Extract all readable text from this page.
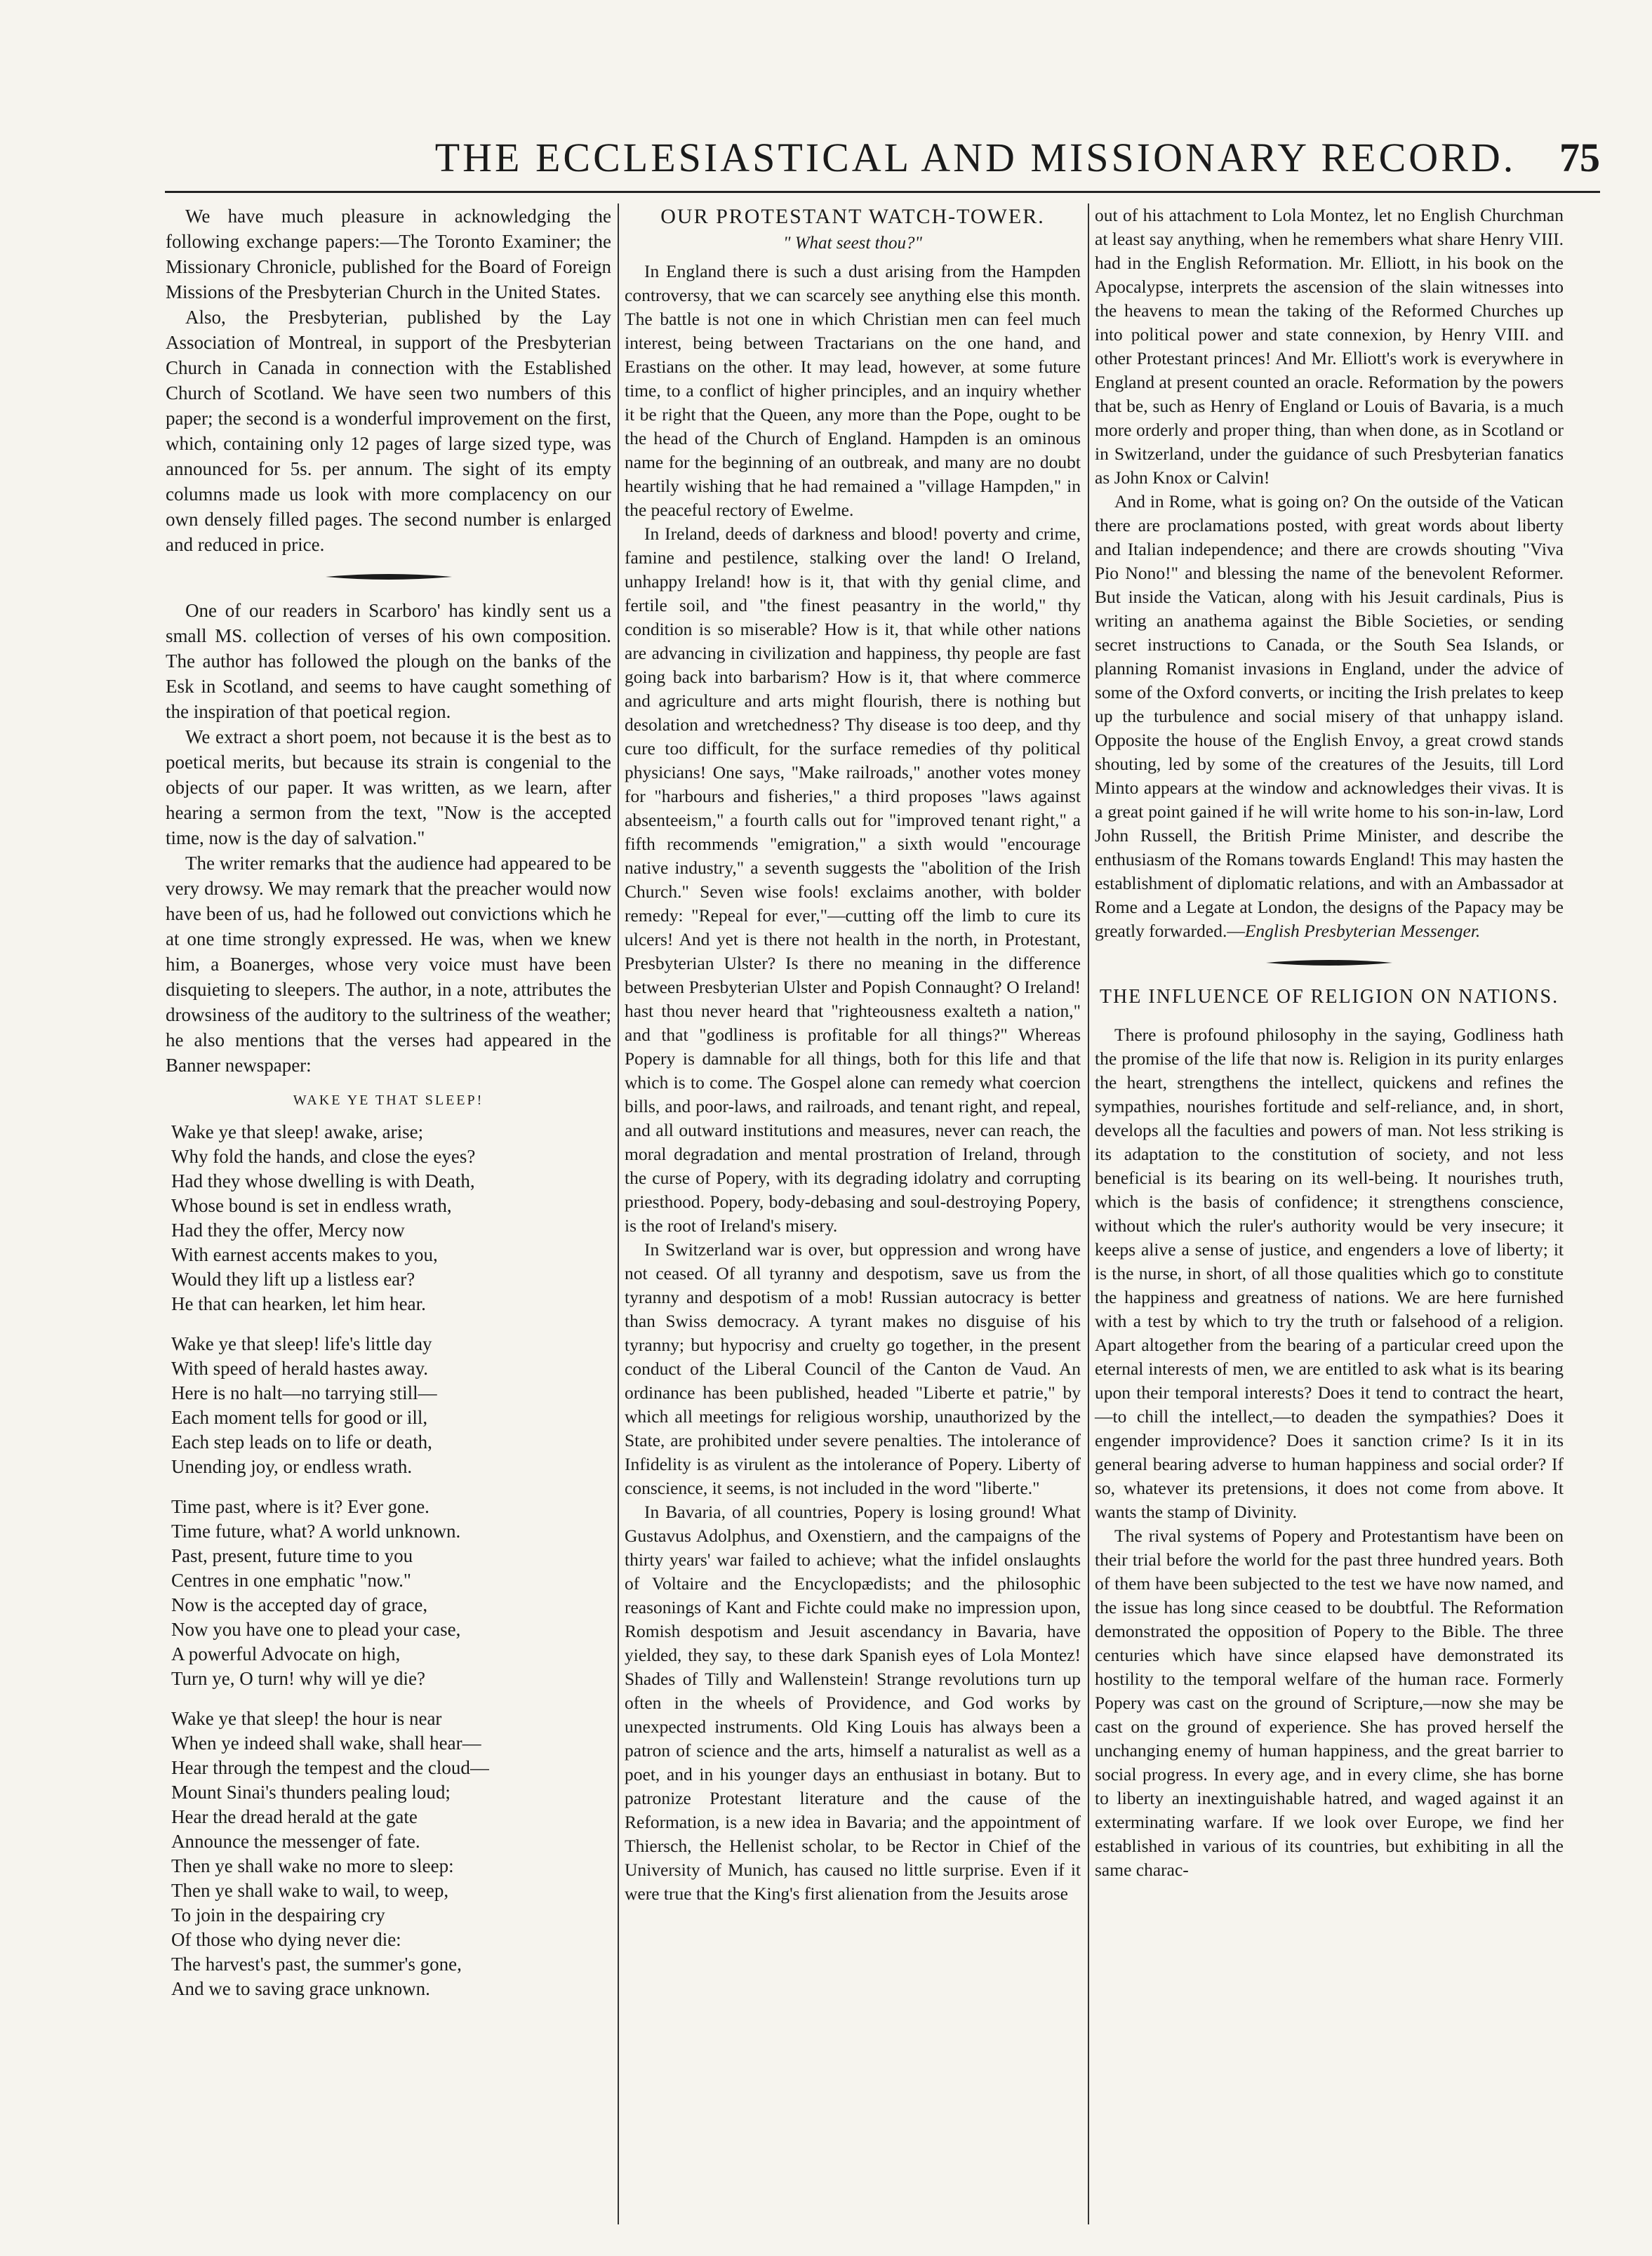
THE ECCLESIASTICAL AND MISSIONARY RECORD.	75

We have much pleasure in acknowledging the following exchange papers:—The Toronto Examiner; the Missionary Chronicle, published for the Board of Foreign Missions of the Presbyterian Church in the United States.

Also, the Presbyterian, published by the Lay Association of Montreal, in support of the Presbyterian Church in Canada in connection with the Established Church of Scotland. We have seen two numbers of this paper; the second is a wonderful improvement on the first, which, containing only 12 pages of large sized type, was announced for 5s. per annum. The sight of its empty columns made us look with more complacency on our own densely filled pages. The second number is enlarged and reduced in price.

One of our readers in Scarboro' has kindly sent us a small MS. collection of verses of his own composition. The author has followed the plough on the banks of the Esk in Scotland, and seems to have caught something of the inspiration of that poetical region.

We extract a short poem, not because it is the best as to poetical merits, but because its strain is congenial to the objects of our paper. It was written, as we learn, after hearing a sermon from the text, "Now is the accepted time, now is the day of salvation."

The writer remarks that the audience had appeared to be very drowsy. We may remark that the preacher would now have been of us, had he followed out convictions which he at one time strongly expressed. He was, when we knew him, a Boanerges, whose very voice must have been disquieting to sleepers. The author, in a note, attributes the drowsiness of the auditory to the sultriness of the weather; he also mentions that the verses had appeared in the Banner newspaper:

WAKE YE THAT SLEEP!
Wake ye that sleep! awake, arise;
Why fold the hands, and close the eyes?
Had they whose dwelling is with Death,
Whose bound is set in endless wrath,
Had they the offer, Mercy now
With earnest accents makes to you,
Would they lift up a listless ear?
He that can hearken, let him hear.
Wake ye that sleep! life's little day
With speed of herald hastes away.
Here is no halt—no tarrying still—
Each moment tells for good or ill,
Each step leads on to life or death,
Unending joy, or endless wrath.
Time past, where is it? Ever gone.
Time future, what? A world unknown.
Past, present, future time to you
Centres in one emphatic "now."
Now is the accepted day of grace,
Now you have one to plead your case,
A powerful Advocate on high,
Turn ye, O turn! why will ye die?
Wake ye that sleep! the hour is near
When ye indeed shall wake, shall hear—
Hear through the tempest and the cloud—
Mount Sinai's thunders pealing loud;
Hear the dread herald at the gate
Announce the messenger of fate.
Then ye shall wake no more to sleep:
Then ye shall wake to wail, to weep,
To join in the despairing cry
Of those who dying never die:
The harvest's past, the summer's gone,
And we to saving grace unknown.
OUR PROTESTANT WATCH-TOWER.
" What seest thou?"

In England there is such a dust arising from the Hampden controversy, that we can scarcely see anything else this month. The battle is not one in which Christian men can feel much interest, being between Tractarians on the one hand, and Erastians on the other. It may lead, however, at some future time, to a conflict of higher principles, and an inquiry whether it be right that the Queen, any more than the Pope, ought to be the head of the Church of England. Hampden is an ominous name for the beginning of an outbreak, and many are no doubt heartily wishing that he had remained a "village Hampden," in the peaceful rectory of Ewelme.

In Ireland, deeds of darkness and blood! poverty and crime, famine and pestilence, stalking over the land! O Ireland, unhappy Ireland! how is it, that with thy genial clime, and fertile soil, and "the finest peasantry in the world," thy condition is so miserable? How is it, that while other nations are advancing in civilization and happiness, thy people are fast going back into barbarism? How is it, that where commerce and agriculture and arts might flourish, there is nothing but desolation and wretchedness? Thy disease is too deep, and thy cure too difficult, for the surface remedies of thy political physicians! One says, "Make railroads," another votes money for "harbours and fisheries," a third proposes "laws against absenteeism," a fourth calls out for "improved tenant right," a fifth recommends "emigration," a sixth would "encourage native industry," a seventh suggests the "abolition of the Irish Church." Seven wise fools! exclaims another, with bolder remedy: "Repeal for ever,"—cutting off the limb to cure its ulcers! And yet is there not health in the north, in Protestant, Presbyterian Ulster? Is there no meaning in the difference between Presbyterian Ulster and Popish Connaught? O Ireland! hast thou never heard that "righteousness exalteth a nation," and that "godliness is profitable for all things?" Whereas Popery is damnable for all things, both for this life and that which is to come. The Gospel alone can remedy what coercion bills, and poor-laws, and railroads, and tenant right, and repeal, and all outward institutions and measures, never can reach, the moral degradation and mental prostration of Ireland, through the curse of Popery, with its degrading idolatry and corrupting priesthood. Popery, body-debasing and soul-destroying Popery, is the root of Ireland's misery.

In Switzerland war is over, but oppression and wrong have not ceased. Of all tyranny and despotism, save us from the tyranny and despotism of a mob! Russian autocracy is better than Swiss democracy. A tyrant makes no disguise of his tyranny; but hypocrisy and cruelty go together, in the present conduct of the Liberal Council of the Canton de Vaud. An ordinance has been published, headed "Liberte et patrie," by which all meetings for religious worship, unauthorized by the State, are prohibited under severe penalties. The intolerance of Infidelity is as virulent as the intolerance of Popery. Liberty of conscience, it seems, is not included in the word "liberte."

In Bavaria, of all countries, Popery is losing ground! What Gustavus Adolphus, and Oxenstiern, and the campaigns of the thirty years' war failed to achieve; what the infidel onslaughts of Voltaire and the Encyclopædists; and the philosophic reasonings of Kant and Fichte could make no impression upon, Romish despotism and Jesuit ascendancy in Bavaria, have yielded, they say, to these dark Spanish eyes of Lola Montez! Shades of Tilly and Wallenstein! Strange revolutions turn up often in the wheels of Providence, and God works by unexpected instruments. Old King Louis has always been a patron of science and the arts, himself a naturalist as well as a poet, and in his younger days an enthusiast in botany. But to patronize Protestant literature and the cause of the Reformation, is a new idea in Bavaria; and the appointment of Thiersch, the Hellenist scholar, to be Rector in Chief of the University of Munich, has caused no little surprise. Even if it were true that the King's first alienation from the Jesuits arose

out of his attachment to Lola Montez, let no English Churchman at least say anything, when he remembers what share Henry VIII. had in the English Reformation. Mr. Elliott, in his book on the Apocalypse, interprets the ascension of the slain witnesses into the heavens to mean the taking of the Reformed Churches up into political power and state connexion, by Henry VIII. and other Protestant princes! And Mr. Elliott's work is everywhere in England at present counted an oracle. Reformation by the powers that be, such as Henry of England or Louis of Bavaria, is a much more orderly and proper thing, than when done, as in Scotland or in Switzerland, under the guidance of such Presbyterian fanatics as John Knox or Calvin!

And in Rome, what is going on? On the outside of the Vatican there are proclamations posted, with great words about liberty and Italian independence; and there are crowds shouting "Viva Pio Nono!" and blessing the name of the benevolent Reformer. But inside the Vatican, along with his Jesuit cardinals, Pius is writing an anathema against the Bible Societies, or sending secret instructions to Canada, or the South Sea Islands, or planning Romanist invasions in England, under the advice of some of the Oxford converts, or inciting the Irish prelates to keep up the turbulence and social misery of that unhappy island. Opposite the house of the English Envoy, a great crowd stands shouting, led by some of the creatures of the Jesuits, till Lord Minto appears at the window and acknowledges their vivas. It is a great point gained if he will write home to his son-in-law, Lord John Russell, the British Prime Minister, and describe the enthusiasm of the Romans towards England! This may hasten the establishment of diplomatic relations, and with an Ambassador at Rome and a Legate at London, the designs of the Papacy may be greatly forwarded.—English Presbyterian Messenger.

THE INFLUENCE OF RELIGION ON NATIONS.

There is profound philosophy in the saying, Godliness hath the promise of the life that now is. Religion in its purity enlarges the heart, strengthens the intellect, quickens and refines the sympathies, nourishes fortitude and self-reliance, and, in short, develops all the faculties and powers of man. Not less striking is its adaptation to the constitution of society, and not less beneficial is its bearing on its well-being. It nourishes truth, which is the basis of confidence; it strengthens conscience, without which the ruler's authority would be very insecure; it keeps alive a sense of justice, and engenders a love of liberty; it is the nurse, in short, of all those qualities which go to constitute the happiness and greatness of nations. We are here furnished with a test by which to try the truth or falsehood of a religion. Apart altogether from the bearing of a particular creed upon the eternal interests of men, we are entitled to ask what is its bearing upon their temporal interests? Does it tend to contract the heart,—to chill the intellect,—to deaden the sympathies? Does it engender improvidence? Does it sanction crime? Is it in its general bearing adverse to human happiness and social order? If so, whatever its pretensions, it does not come from above. It wants the stamp of Divinity.

The rival systems of Popery and Protestantism have been on their trial before the world for the past three hundred years. Both of them have been subjected to the test we have now named, and the issue has long since ceased to be doubtful. The Reformation demonstrated the opposition of Popery to the Bible. The three centuries which have since elapsed have demonstrated its hostility to the temporal welfare of the human race. Formerly Popery was cast on the ground of Scripture,—now she may be cast on the ground of experience. She has proved herself the unchanging enemy of human happiness, and the great barrier to social progress. In every age, and in every clime, she has borne to liberty an inextinguishable hatred, and waged against it an exterminating warfare. If we look over Europe, we find her established in various of its countries, but exhibiting in all the same charac-
